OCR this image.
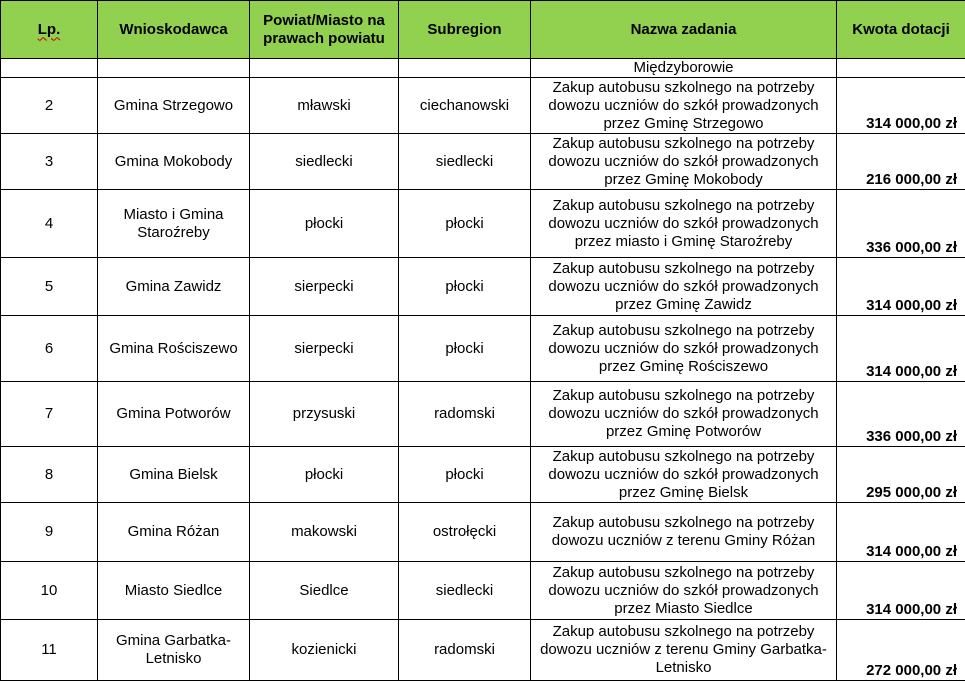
Lp.	Wnioskodawca	Powiat/Miasto na prawach powiatu	Subregion	Nazwa zadania	Kwota dotacji
				Międzyborowie	
2	Gmina Strzegowo	mławski	ciechanowski	Zakup autobusu szkolnego na potrzeby dowozu uczniów do szkół prowadzonych przez Gminę Strzegowo	314 000,00 zł
3	Gmina Mokobody	siedlecki	siedlecki	Zakup autobusu szkolnego na potrzeby dowozu uczniów do szkół prowadzonych przez Gminę Mokobody	216 000,00 zł
4	Miasto i Gmina Staroźreby	płocki	płocki	Zakup autobusu szkolnego na potrzeby dowozu uczniów do szkół prowadzonych przez miasto i Gminę Staroźreby	336 000,00 zł
5	Gmina Zawidz	sierpecki	płocki	Zakup autobusu szkolnego na potrzeby dowozu uczniów do szkół prowadzonych przez Gminę Zawidz	314 000,00 zł
6	Gmina Rościszewo	sierpecki	płocki	Zakup autobusu szkolnego na potrzeby dowozu uczniów do szkół prowadzonych przez Gminę Rościszewo	314 000,00 zł
7	Gmina Potworów	przysuski	radomski	Zakup autobusu szkolnego na potrzeby dowozu uczniów do szkół prowadzonych przez Gminę Potworów	336 000,00 zł
8	Gmina Bielsk	płocki	płocki	Zakup autobusu szkolnego na potrzeby dowozu uczniów do szkół prowadzonych przez Gminę Bielsk	295 000,00 zł
9	Gmina Różan	makowski	ostrołęcki	Zakup autobusu szkolnego na potrzeby dowozu uczniów z terenu Gminy Różan	314 000,00 zł
10	Miasto Siedlce	Siedlce	siedlecki	Zakup autobusu szkolnego na potrzeby dowozu uczniów do szkół prowadzonych przez Miasto Siedlce	314 000,00 zł
11	Gmina Garbatka-Letnisko	kozienicki	radomski	Zakup autobusu szkolnego na potrzeby dowozu uczniów z terenu Gminy Garbatka-Letnisko	272 000,00 zł
